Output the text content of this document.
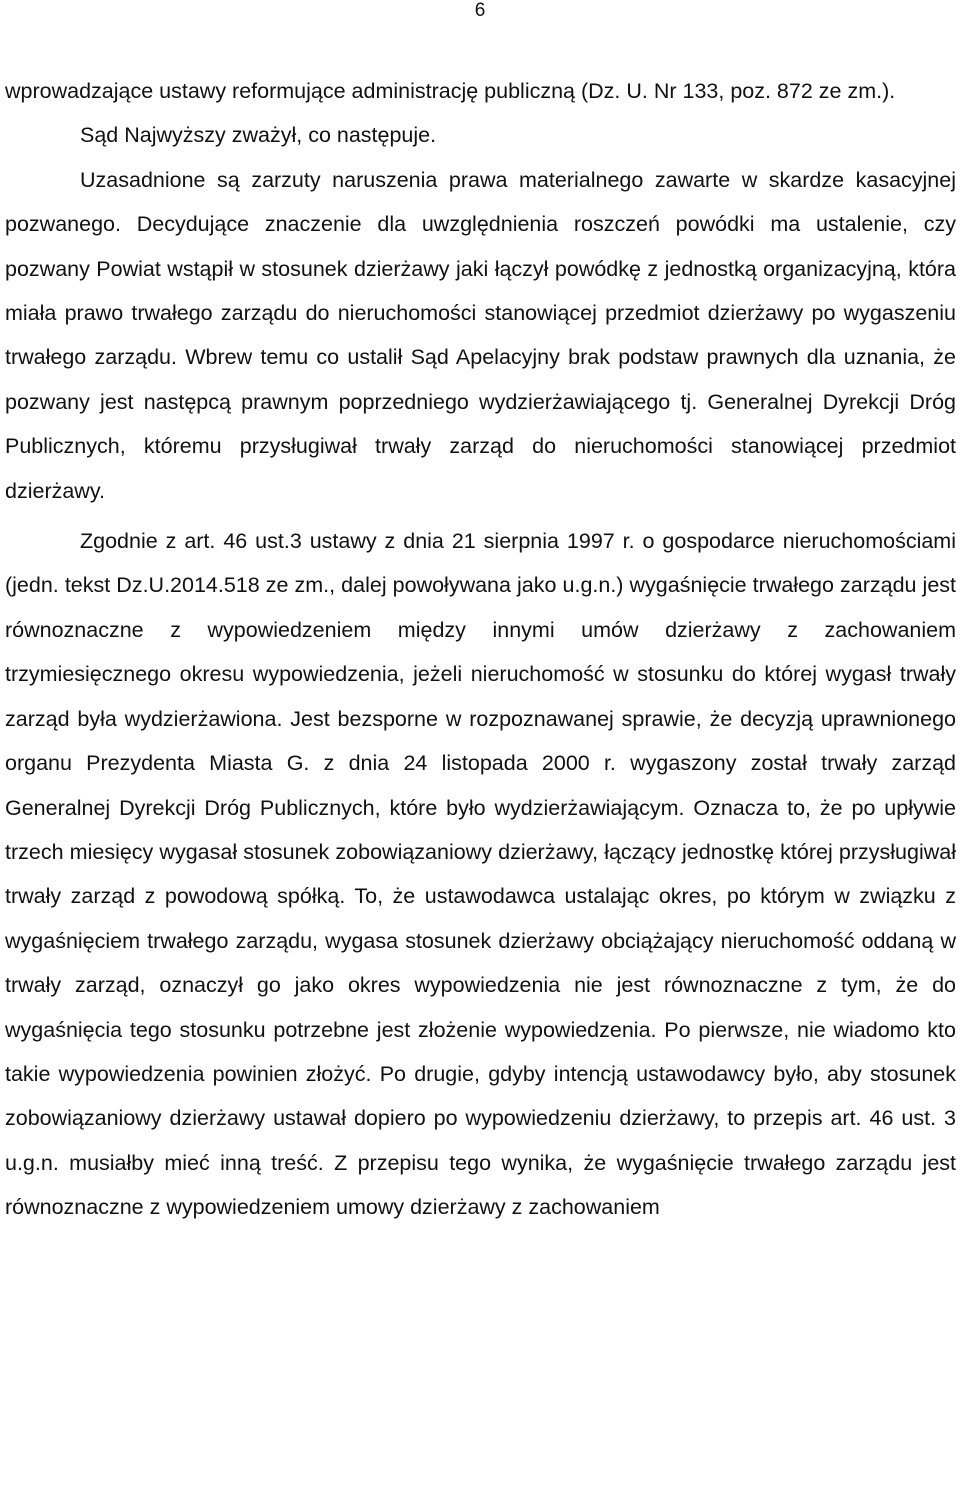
6

wprowadzające ustawy reformujące administrację publiczną (Dz. U. Nr 133, poz. 872 ze zm.).

Sąd Najwyższy zważył, co następuje.

Uzasadnione są zarzuty naruszenia prawa materialnego zawarte w skardze kasacyjnej pozwanego. Decydujące znaczenie dla uwzględnienia roszczeń powódki ma ustalenie, czy pozwany Powiat wstąpił w stosunek dzierżawy jaki łączył powódkę z jednostką organizacyjną, która miała prawo trwałego zarządu do nieruchomości stanowiącej przedmiot dzierżawy po wygaszeniu trwałego zarządu. Wbrew temu co ustalił Sąd Apelacyjny brak podstaw prawnych dla uznania, że pozwany jest następcą prawnym poprzedniego wydzierżawiającego tj. Generalnej Dyrekcji Dróg Publicznych, któremu przysługiwał trwały zarząd do nieruchomości stanowiącej przedmiot dzierżawy.

Zgodnie z art. 46 ust.3 ustawy z dnia 21 sierpnia 1997 r. o gospodarce nieruchomościami (jedn. tekst Dz.U.2014.518 ze zm., dalej powoływana jako u.g.n.) wygaśnięcie trwałego zarządu jest równoznaczne z wypowiedzeniem między innymi umów dzierżawy z zachowaniem trzymiesięcznego okresu wypowiedzenia, jeżeli nieruchomość w stosunku do której wygasł trwały zarząd była wydzierżawiona. Jest bezsporne w rozpoznawanej sprawie, że decyzją uprawnionego organu Prezydenta Miasta G. z dnia 24 listopada 2000 r. wygaszony został trwały zarząd Generalnej Dyrekcji Dróg Publicznych, które było wydzierżawiającym. Oznacza to, że po upływie trzech miesięcy wygasał stosunek zobowiązaniowy dzierżawy, łączący jednostkę której przysługiwał trwały zarząd z powodową spółką. To, że ustawodawca ustalając okres, po którym w związku z wygaśnięciem trwałego zarządu, wygasa stosunek dzierżawy obciążający nieruchomość oddaną w trwały zarząd, oznaczył go jako okres wypowiedzenia nie jest równoznaczne z tym, że do wygaśnięcia tego stosunku potrzebne jest złożenie wypowiedzenia. Po pierwsze, nie wiadomo kto takie wypowiedzenia powinien złożyć. Po drugie, gdyby intencją ustawodawcy było, aby stosunek zobowiązaniowy dzierżawy ustawał dopiero po wypowiedzeniu dzierżawy, to przepis art. 46 ust. 3 u.g.n. musiałby mieć inną treść. Z przepisu tego wynika, że wygaśnięcie trwałego zarządu jest równoznaczne z wypowiedzeniem umowy dzierżawy z zachowaniem
